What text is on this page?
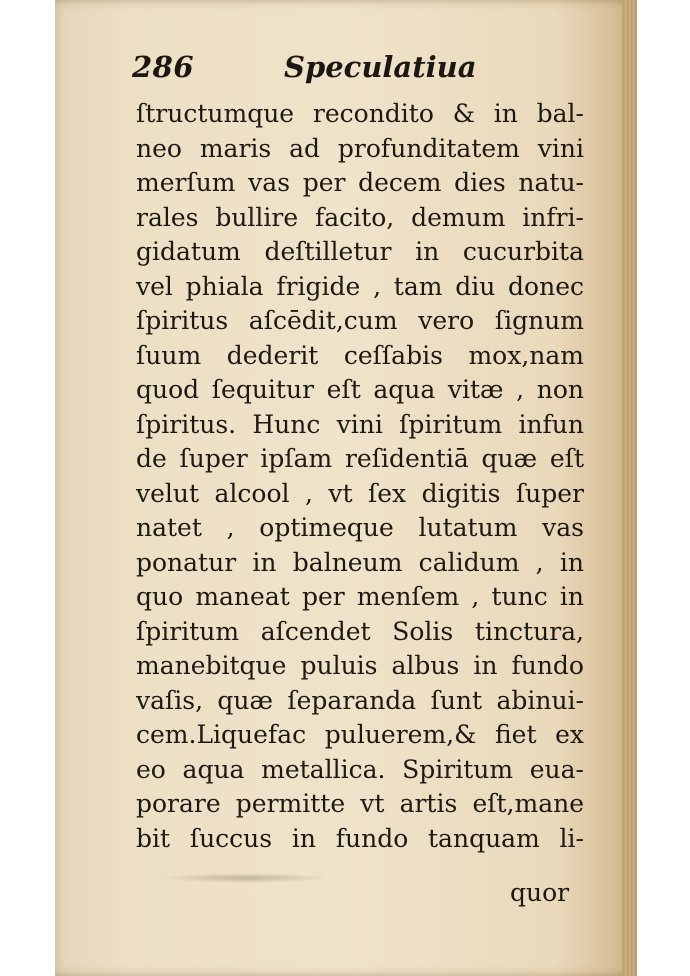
286	Speculatiua
ſtructumque recondito & in bal-
neo maris ad profunditatem vini
merſum vas per decem dies natu-
rales bullire facito, demum infri-
gidatum deſtilletur in cucurbita
vel phiala frigide , tam diu donec
ſpiritus aſcēdit,cum vero ſignum
ſuum dederit ceſſabis mox,nam
quod ſequitur eſt aqua vitæ , non
ſpiritus. Hunc vini ſpiritum infun
de ſuper ipſam reſidentiā quæ eſt
velut alcool , vt ſex digitis ſuper
natet , optimeque lutatum vas
ponatur in balneum calidum , in
quo maneat per menſem , tunc in
ſpiritum aſcendet Solis tinctura,
manebitque puluis albus in fundo
vaſis, quæ ſeparanda ſunt abinui-
cem.Liquefac puluerem,& fiet ex
eo aqua metallica. Spiritum eua-
porare permitte vt artis eſt,mane
bit ſuccus in fundo tanquam li-
quor
